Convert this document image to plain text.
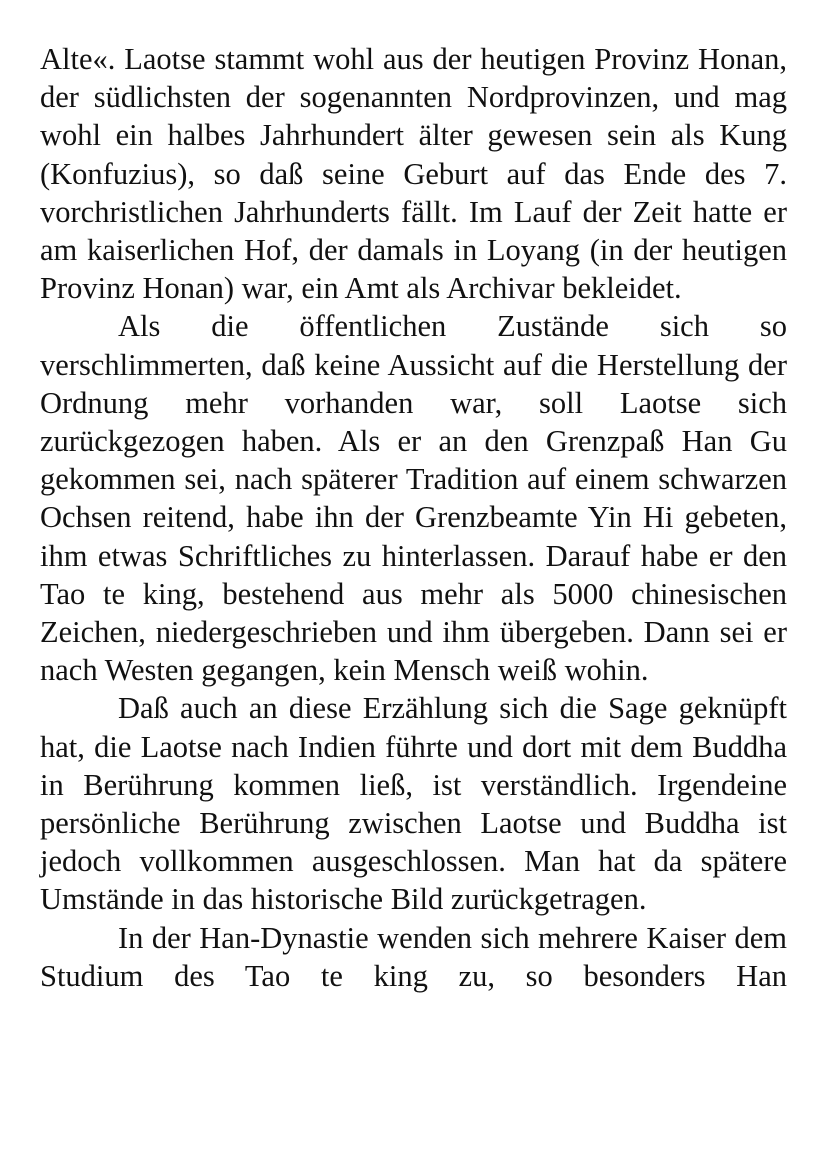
Alte«. Laotse stammt wohl aus der heutigen Provinz Honan, der südlichsten der sogenannten Nordprovinzen, und mag wohl ein halbes Jahrhundert älter gewesen sein als Kung (Konfuzius), so daß seine Geburt auf das Ende des 7. vorchristlichen Jahrhunderts fällt. Im Lauf der Zeit hatte er am kaiserlichen Hof, der damals in Loyang (in der heutigen Provinz Honan) war, ein Amt als Archivar bekleidet.

Als die öffentlichen Zustände sich so verschlimmerten, daß keine Aussicht auf die Herstellung der Ordnung mehr vorhanden war, soll Laotse sich zurückgezogen haben. Als er an den Grenzpaß Han Gu gekommen sei, nach späterer Tradition auf einem schwarzen Ochsen reitend, habe ihn der Grenzbeamte Yin Hi gebeten, ihm etwas Schriftliches zu hinterlassen. Darauf habe er den Tao te king, bestehend aus mehr als 5000 chinesischen Zeichen, niedergeschrieben und ihm übergeben. Dann sei er nach Westen gegangen, kein Mensch weiß wohin.

Daß auch an diese Erzählung sich die Sage geknüpft hat, die Laotse nach Indien führte und dort mit dem Buddha in Berührung kommen ließ, ist verständlich. Irgendeine persönliche Berührung zwischen Laotse und Buddha ist jedoch vollkommen ausgeschlossen. Man hat da spätere Umstände in das historische Bild zurückgetragen.

In der Han-Dynastie wenden sich mehrere Kaiser dem Studium des Tao te king zu, so besonders Han
